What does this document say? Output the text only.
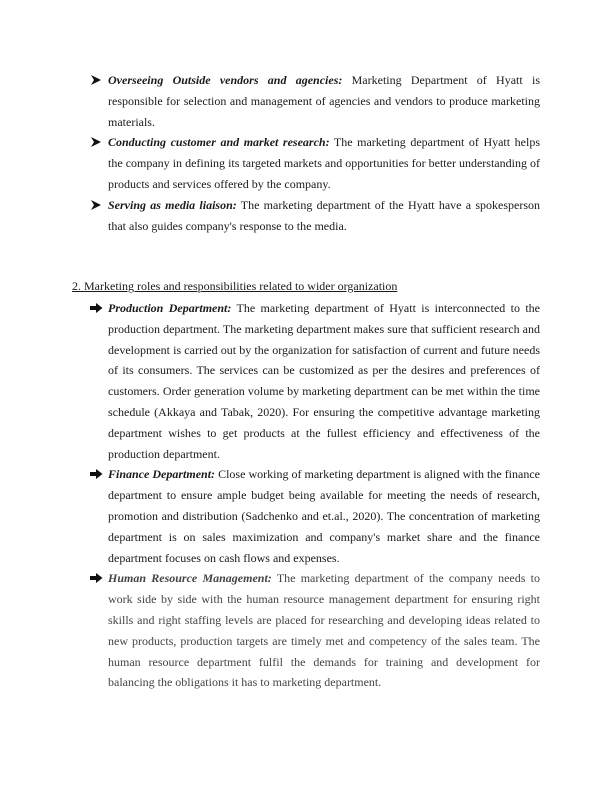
Overseeing Outside vendors and agencies: Marketing Department of Hyatt is responsible for selection and management of agencies and vendors to produce marketing materials.
Conducting customer and market research: The marketing department of Hyatt helps the company in defining its targeted markets and opportunities for better understanding of products and services offered by the company.
Serving as media liaison: The marketing department of the Hyatt have a spokesperson that also guides company's response to the media.
2. Marketing roles and responsibilities related to wider organization
Production Department: The marketing department of Hyatt is interconnected to the production department. The marketing department makes sure that sufficient research and development is carried out by the organization for satisfaction of current and future needs of its consumers. The services can be customized as per the desires and preferences of customers. Order generation volume by marketing department can be met within the time schedule (Akkaya and Tabak, 2020). For ensuring the competitive advantage marketing department wishes to get products at the fullest efficiency and effectiveness of the production department.
Finance Department: Close working of marketing department is aligned with the finance department to ensure ample budget being available for meeting the needs of research, promotion and distribution (Sadchenko and et.al., 2020). The concentration of marketing department is on sales maximization and company's market share and the finance department focuses on cash flows and expenses.
Human Resource Management: The marketing department of the company needs to work side by side with the human resource management department for ensuring right skills and right staffing levels are placed for researching and developing ideas related to new products, production targets are timely met and competency of the sales team. The human resource department fulfil the demands for training and development for balancing the obligations it has to marketing department.
